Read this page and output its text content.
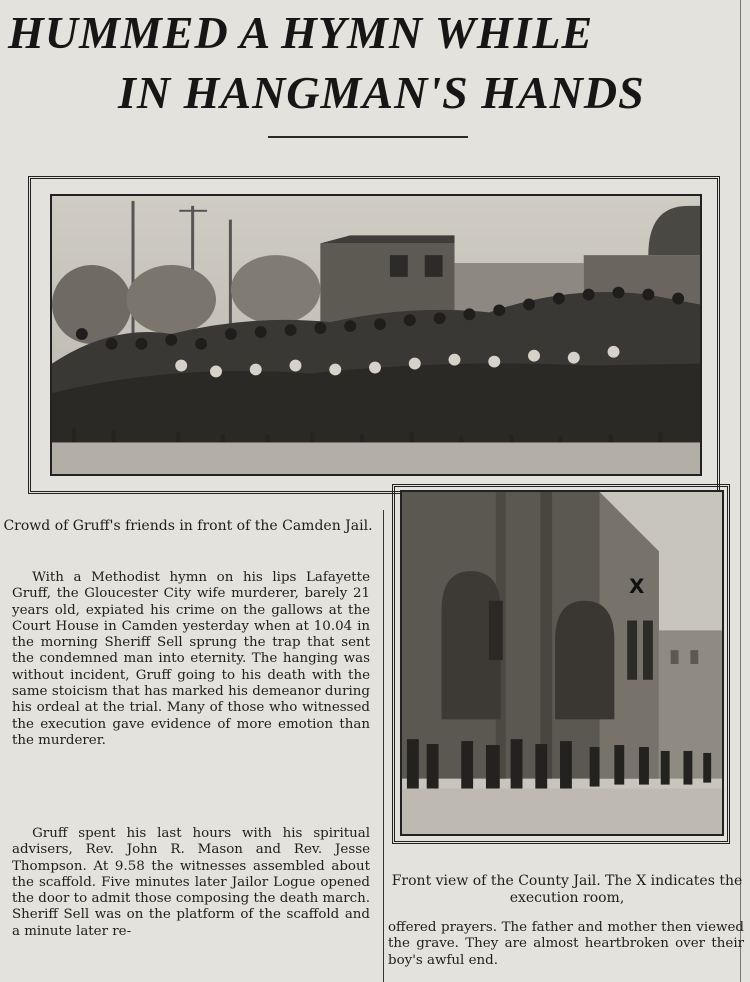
HUMMED A HYMN WHILE
IN HANGMAN'S HANDS
X

Crowd of Gruff's friends in front of the Camden Jail.

Front view of the County Jail. The X indicates the execution room,

With a Methodist hymn on his lips Lafayette Gruff, the Gloucester City wife murderer, barely 21 years old, expiated his crime on the gallows at the Court House in Camden yesterday when at 10.04 in the morning Sheriff Sell sprung the trap that sent the condemned man into eternity. The hanging was without incident, Gruff going to his death with the same stoicism that has marked his demeanor during his ordeal at the trial. Many of those who witnessed the execution gave evidence of more emotion than the murderer.

Gruff spent his last hours with his spiritual advisers, Rev. John R. Mason and Rev. Jesse Thompson. At 9.58 the witnesses assembled about the scaffold. Five minutes later Jailor Logue opened the door to admit those composing the death march. Sheriff Sell was on the platform of the scaffold and a minute later re-	offered prayers. The father and mother then viewed the grave. They are almost heartbroken over their boy's awful end.
